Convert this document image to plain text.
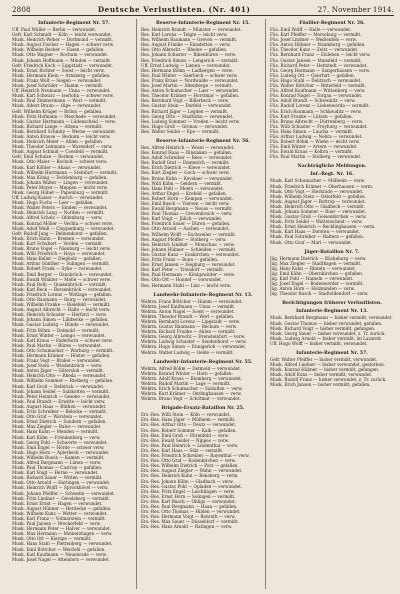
2808	Deutsche Verlustlisten. (Nr. 401)	27. November 1914.
Infanterie-Regiment Nr. 57.
Uff. Paul Müller — Berlin — verwundet.
Gefr. Karl Schmidt — Köln — leicht verwundet.
Musk. Heinrich Weber — Dortmund — vermißt.
Musk. August Fischer — Hagen — schwer verw.
Musk. Wilhelm Becker — Essen — gefallen.
Musk. Otto Wagner — Bochum — verwundet.
Musk. Johann Hoffmann — Minden — vermißt.
Gefr. Friedrich Koch — Lippstadt — verwundet.
Musk. Ernst Richter — Soest — leicht verw.
Musk. Hermann Klein — Arnsberg — gefallen.
Musk. Franz Wolf — Siegen — verwundet.
Musk. Josef Schröder — Hamm — vermißt.
Uff. Heinrich Neumann — Unna — verwundet.
Musk. Karl Schwarz — Iserlohn — schwer verw.
Musk. Paul Zimmermann — Werl — vermißt.
Musk. Albert Braun — Olpe — verwundet.
Gefr. Wilhelm Krüger — Brilon — gefallen.
Musk. Fritz Hofmann — Meschede — verwundet.
Musk. Gustav Hartmann — Lüdenscheid — verw.
Musk. Richard Lange — Altena — vermißt.
Musk. Bernhard Schmitz — Werne — verwundet.
Musk. Anton Krause — Beckum — leicht verw.
Musk. Heinrich Meier — Ahlen — gefallen.
Musk. Theodor Lehmann — Warendorf — verw.
Musk. August Schmid — Coesfeld — vermißt.
Gefr. Emil Schulze — Borken — verwundet.
Musk. Otto Maier — Bocholt — schwer verw.
Musk. Karl Köhler — Ahaus — verwundet.
Musk. Wilhelm Herrmann — Steinfurt — vermißt.
Musk. Max König — Tecklenburg — gefallen.
Musk. Johann Walter — Lingen — verwundet.
Musk. Peter Mayer — Meppen — leicht verw.
Musk. Georg Huber — Papenburg — vermißt.
Uff. Ludwig Kaiser — Aurich — verwundet.
Musk. Hugo Fuchs — Leer — gefallen.
Musk. Walter Peters — Emden — verwundet.
Musk. Heinrich Lang — Norden — vermißt.
Musk. Alfred Scholz — Oldenburg — verw.
Musk. Konrad Möller — Vechta — schwer verw.
Musk. Adolf Weiß — Cloppenburg — verwundet.
Gefr. Rudolf Jung — Delmenhorst — gefallen.
Musk. Erich Hahn — Bremen — verwundet.
Musk. Kurt Schubert — Verden — vermißt.
Musk. Bruno Vogel — Nienburg — leicht verw.
Musk. Willi Friedrich — Hoya — verwundet.
Musk. Hans Keller — Diepholz — gefallen.
Musk. Arthur Günther — Sulingen — vermißt.
Musk. Robert Frank — Syke — verwundet.
Musk. Emil Berger — Osnabrück — verwundet.
Musk. Ewald Winkler — Melle — schwer verw.
Musk. Paul Roth — Quakenbrück — vermißt.
Musk. Karl Beck — Bersenbrück — verwundet.
Musk. Friedrich Lorenz — Wittlage — gefallen.
Musk. Otto Baumann — Iburg — verwundet.
Musk. Wilhelm Franke — Bielefeld — vermißt.
Musk. August Albrecht — Halle — leicht verw.
Musk. Heinrich Schuster — Herford — verw.
Musk. Johann Simon — Lübbecke — gefallen.
Musk. Gustav Ludwig — Bünde — verwundet.
Musk. Fritz Böhm — Detmold — vermißt.
Musk. Ernst Winter — Lemgo — verwundet.
Musk. Karl Kraus — Paderborn — schwer verw.
Musk. Paul Martin — Büren — verwundet.
Musk. Otto Schumacher — Warburg — vermißt.
Musk. Hermann Krämer — Höxter — gefallen.
Musk. Franz Vogt — Brakel — verwundet.
Musk. Josef Stein — Wiedenbrück — verw.
Musk. Anton Jäger — Gütersloh — vermißt.
Musk. Heinrich Otto — Rheda — verwundet.
Musk. Wilhelm Sommer — Rietberg — gefallen.
Musk. Karl Groß — Delbrück — verwundet.
Musk. Johann Seidel — Salzkotten — vermißt.
Musk. Peter Heinrich — Geseke — verwundet.
Musk. Paul Brandt — Erwitte — leicht verw.
Musk. August Haas — Rüthen — verwundet.
Musk. Fritz Schreiber — Belecke — vermißt.
Musk. Otto Graf — Warstein — verwundet.
Musk. Ernst Dietrich — Sundern — gefallen.
Musk. Max Ziegler — Balve — verwundet.
Musk. Hans Kuhn — Menden — vermißt.
Musk. Karl Kühn — Fröndenberg — verw.
Musk. Georg Pohl — Schwerte — verwundet.
Musk. Emil Engel — Hörde — schwer verw.
Musk. Hugo Horn — Aplerbeck — verwundet.
Musk. Wilhelm Busch — Kamen — vermißt.
Musk. Alfred Bergmann — Lünen — verw.
Musk. Paul Thomas — Castrop — gefallen.
Musk. Karl Voigt — Herne — verwundet.
Musk. Richard Sauer — Witten — vermißt.
Musk. Otto Arnold — Hattingen — verwundet.
Musk. Heinrich Wolff — Sprockhövel — verw.
Musk. Johann Pfeiffer — Schwelm — verwundet.
Musk. Fritz Lindner — Gevelsberg — vermißt.
Musk. Ernst Ernst — Hagen — verwundet.
Musk. August Hübner — Herdecke — gefallen.
Musk. Wilhelm Kunz — Wetter — verwundet.
Musk. Karl Franz — Volmarstein — vermißt.
Musk. Paul Jansen — Breckerfeld — verw.
Musk. Hermann Peter — Halver — verwundet.
Musk. Max Hermann — Meinerzhagen — verw.
Musk. Otto Ott — Kierspe — vermißt.
Musk. Hans Stahl — Plettenberg — verwundet.
Musk. Emil Böttcher — Werdohl — gefallen.
Musk. Karl Kaufmann — Neuenrade — verw.
Musk. Josef Nagel — Attendorn — verwundet.
Reserve-Infanterie-Regiment Nr. 15.
Res. Heinrich Brandt — Münster — verwundet.
Res. Karl Lorenz — Telgte — leicht verw.
Res. Wilhelm Baumann — Greven — vermißt.
Res. August Franke — Emsdetten — verw.
Res. Otto Albrecht — Rheine — gefallen.
Res. Johann Schuster — Ibbenbüren — verw.
Res. Friedrich Simon — Lengerich — vermißt.
Uff. Ernst Ludwig — Lienen — verwundet.
Res. Hermann Böhm — Ladbergen — verw.
Res. Paul Winter — Saerbeck — schwer verw.
Res. Franz Kraus — Nordwalde — verwundet.
Res. Josef Martin — Altenberge — vermißt.
Res. Anton Schumacher — Laer — verwundet.
Res. Theodor Krämer — Horstmar — gefallen.
Res. Bernhard Vogt — Billerbeck — verw.
Res. Gustav Stein — Darfeld — verwundet.
Res. Richard Jäger — Legden — vermißt.
Res. Georg Otto — Stadtlohn — verwundet.
Res. Ludwig Sommer — Vreden — leicht verw.
Res. Hugo Groß — Gronau — verwundet.
Res. Walter Seidel — Epe — vermißt.
Reserve-Infanterie-Regiment Nr. 56.
Res. Alfred Heinrich — Wesel — verwundet.
Res. Konrad Haas — Dinslaken — gefallen.
Res. Adolf Schreiber — Rees — verwundet.
Res. Rudolf Graf — Emmerich — vermißt.
Res. Erich Dietrich — Kleve — verwundet.
Res. Kurt Ziegler — Goch — schwer verw.
Res. Bruno Kuhn — Kevelaer — verwundet.
Res. Willi Kühn — Geldern — vermißt.
Res. Hans Pohl — Moers — verwundet.
Res. Arthur Engel — Krefeld — gefallen.
Res. Robert Horn — Kempen — verwundet.
Res. Emil Busch — Viersen — leicht verw.
Res. Ewald Bergmann — Neuss — vermißt.
Res. Paul Thomas — Grevenbroich — verw.
Res. Karl Voigt — Jülich — verwundet.
Res. Friedrich Sauer — Düren — gefallen.
Res. Otto Arnold — Aachen — verwundet.
Res. Wilhelm Wolff — Eschweiler — vermißt.
Res. August Pfeiffer — Stolberg — verw.
Res. Heinrich Lindner — Monschau — verw.
Res. Johann Hübner — Schleiden — vermißt.
Res. Gustav Kunz — Euskirchen — verwundet.
Res. Fritz Franz — Bonn — gefallen.
Res. Ernst Jansen — Siegburg — verwundet.
Res. Karl Peter — Troisdorf — vermißt.
Res. Paul Hermann — Königswinter — verw.
Res. Otto Ott — Honnef — verwundet.
Res. Hermann Stahl — Linz — leicht verw.
Landwehr-Infanterie-Regiment Nr. 13.
Wehrm. Franz Böttcher — Hamm — verwundet.
Wehrm. Josef Kaufmann — Unna — vermißt.
Wehrm. Anton Nagel — Soest — verwundet.
Wehrm. Theodor Brandt — Werl — gefallen.
Wehrm. Bernhard Lorenz — Lippstadt — verw.
Wehrm. Gustav Baumann — Beckum — verw.
Wehrm. Richard Franke — Ahlen — vermißt.
Wehrm. Georg Albrecht — Drensteinfurt — verw.
Wehrm. Ludwig Schuster — Sendenhorst — verw.
Wehrm. Hugo Simon — Ennigerloh — verwundet.
Wehrm. Walter Ludwig — Oelde — vermißt.
Landwehr-Infanterie-Regiment Nr. 55.
Wehrm. Alfred Böhm — Detmold — verwundet.
Wehrm. Konrad Winter — Horn — gefallen.
Wehrm. Adolf Kraus — Blomberg — verwundet.
Wehrm. Rudolf Martin — Lage — vermißt.
Wehrm. Erich Schumacher — Salzuflen — verw.
Wehrm. Kurt Krämer — Oerlinghausen — verw.
Wehrm. Bruno Vogt — Schötmar — verwundet.
Brigade-Ersatz-Bataillon Nr. 25.
Ers.-Res. Willi Stein — Köln — verwundet.
Ers.-Res. Hans Jäger — Mülheim — vermißt.
Ers.-Res. Arthur Otto — Deutz — verwundet.
Ers.-Res. Robert Sommer — Kalk — gefallen.
Ers.-Res. Emil Groß — Ehrenfeld — verw.
Ers.-Res. Ewald Seidel — Nippes — verw.
Ers.-Res. Paul Heinrich — Lindenthal — verw.
Ers.-Res. Karl Haas — Sülz — vermißt.
Ers.-Res. Friedrich Schreiber — Bayenthal — verw.
Ers.-Res. Otto Graf — Rodenkirchen — verw.
Ers.-Res. Wilhelm Dietrich — Porz — gefallen.
Ers.-Res. August Ziegler — Wahn — verwundet.
Ers.-Res. Heinrich Kuhn — Bensberg — verm.
Ers.-Res. Johann Kühn — Gladbach — verw.
Ers.-Res. Gustav Pohl — Opladen — verwundet.
Ers.-Res. Fritz Engel — Leichlingen — verw.
Ers.-Res. Ernst Horn — Solingen — vermißt.
Ers.-Res. Karl Busch — Ohligs — verwundet.
Ers.-Res. Paul Bergmann — Haan — gefallen.
Ers.-Res. Otto Thomas — Hilden — verwundet.
Ers.-Res. Hermann Voigt — Benrath — verw.
Ers.-Res. Max Sauer — Düsseldorf — vermißt.
Ers.-Res. Hans Arnold — Ratingen — verw.
Füsilier-Regiment Nr. 36.
Füs. Emil Wolff — Halle — verwundet.
Füs. Karl Pfeiffer — Merseburg — vermißt.
Füs. Josef Lindner — Weißenfels — verw.
Füs. Anton Hübner — Naumburg — gefallen.
Füs. Theodor Kunz — Zeitz — verwundet.
Füs. Bernhard Franz — Eisleben — leicht verw.
Füs. Gustav Jansen — Mansfeld — vermißt.
Füs. Richard Peter — Hettstedt — verwundet.
Füs. Georg Hermann — Sangerhausen — verw.
Füs. Ludwig Ott — Querfurt — gefallen.
Füs. Hugo Stahl — Delitzsch — verwundet.
Füs. Walter Böttcher — Bitterfeld — vermißt.
Füs. Alfred Kaufmann — Wittenberg — verw.
Füs. Konrad Nagel — Torgau — verwundet.
Füs. Adolf Brandt — Schweinitz — verw.
Füs. Rudolf Lorenz — Liebenwerda — vermißt.
Füs. Erich Baumann — Schkeuditz — verw.
Füs. Kurt Franke — Lützen — gefallen.
Füs. Bruno Albrecht — Dürrenberg — verw.
Füs. Willi Schuster — Freyburg — verwundet.
Füs. Hans Simon — Laucha — vermißt.
Füs. Arthur Ludwig — Nebra — verwundet.
Füs. Robert Böhm — Wiehe — leicht verw.
Füs. Emil Winter — Artern — verwundet.
Füs. Ewald Kraus — Kelbra — vermißt.
Füs. Paul Martin — Stolberg — verwundet.
Nachträgliche Meldungen.
Inf.-Regt. Nr. 16.
Musk. Karl Schumacher — Mülheim — verw.
Musk. Friedrich Krämer — Oberhausen — verm.
Musk. Otto Vogt — Sterkrade — verwundet.
Musk. Wilhelm Stein — Osterfeld — gefallen.
Musk. August Jäger — Bottrop — verwundet.
Musk. Heinrich Otto — Gladbeck — vermißt.
Musk. Johann Sommer — Buer — verwundet.
Musk. Gustav Groß — Gelsenkirchen — verw.
Musk. Fritz Seidel — Wattenscheid — verw.
Musk. Ernst Heinrich — Recklinghausen — verm.
Musk. Karl Haas — Dorsten — verwundet.
Musk. Paul Schreiber — Haltern — gefallen.
Musk. Otto Graf — Marl — verwundet.
Jäger-Bataillon Nr. 7.
Jäg. Hermann Dietrich — Bückeburg — verw.
Jäg. Max Ziegler — Stadthagen — vermißt.
Jäg. Hans Kuhn — Rinteln — verwundet.
Jäg. Emil Kühn — Obernkirchen — gefallen.
Jäg. Karl Pohl — Hameln — verwundet.
Jäg. Josef Engel — Bodenwerder — vermißt.
Jäg. Anton Horn — Holzminden — verw.
Jäg. Theodor Busch — Stadtoldendorf — verw.
Berichtigungen früherer Verlustlisten.
Infanterie-Regiment Nr. 13.
Musk. Bernhard Bergmann — bisher vermißt, verwundet.
Musk. Gustav Thomas — bisher verwundet, gefallen.
Musk. Richard Voigt — bisher vermißt, gefangen.
Musk. Georg Sauer — bisher verwundet, z. Tr. zurück.
Musk. Ludwig Arnold — bisher vermißt, im Lazarett.
Uff. Hugo Wolff — bisher vermißt, verwundet.
Infanterie-Regiment Nr. 57.
Gefr. Walter Pfeiffer — bisher vermißt, verwundet.
Musk. Alfred Lindner — bisher verwundet, gestorben.
Musk. Konrad Hübner — bisher vermißt, gefangen.
Musk. Adolf Kunz — bisher vermißt, verwundet.
Musk. Rudolf Franz — bisher verwundet, z. Tr. zurück.
Musk. Erich Jansen — bisher vermißt, gefallen.
